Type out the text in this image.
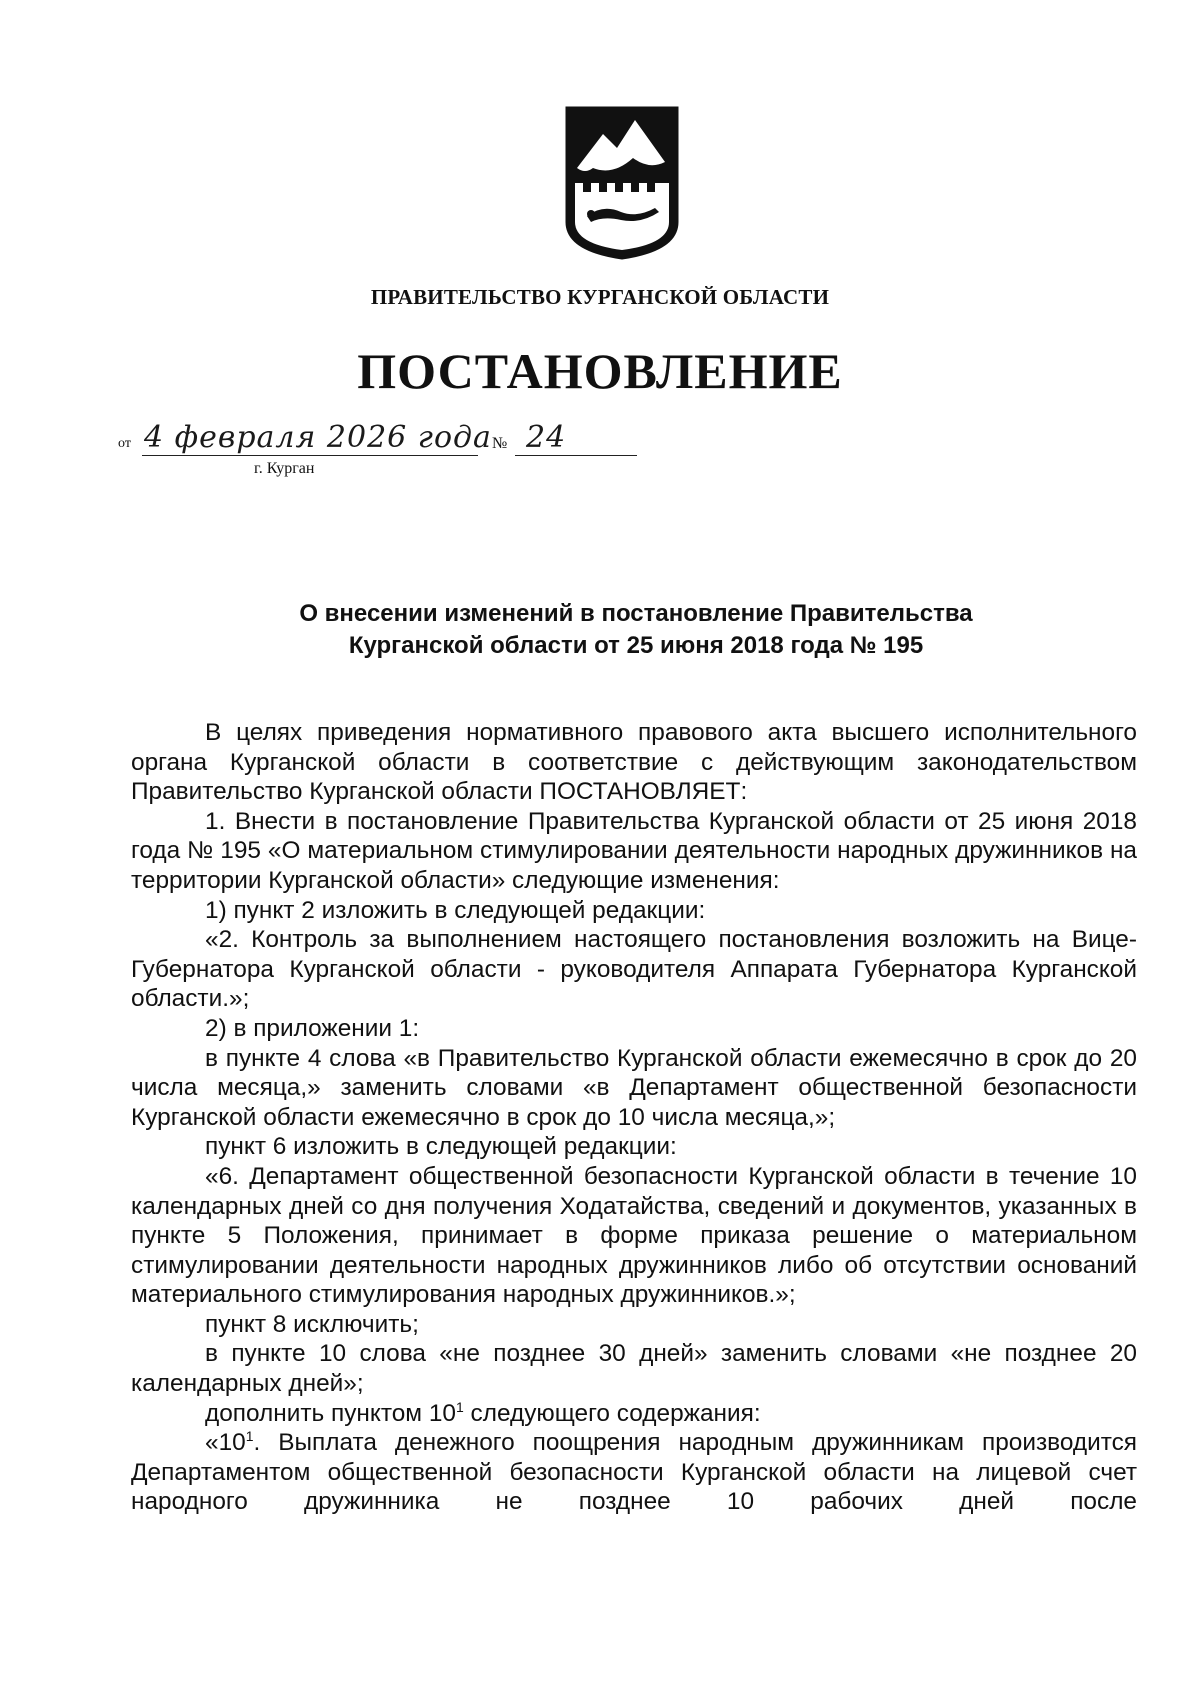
ПРАВИТЕЛЬСТВО КУРГАНСКОЙ ОБЛАСТИ
ПОСТАНОВЛЕНИЕ
от 4 февраля 2026 года № 24
г. Курган
О внесении изменений в постановление Правительства
Курганской области от 25 июня 2018 года № 195

В целях приведения нормативного правового акта высшего исполнительного органа Курганской области в соответствие с действующим законодательством Правительство Курганской области ПОСТАНОВЛЯЕТ:

1. Внести в постановление Правительства Курганской области от 25 июня 2018 года № 195 «О материальном стимулировании деятельности народных дружинников на территории Курганской области» следующие изменения:

1) пункт 2 изложить в следующей редакции:

«2. Контроль за выполнением настоящего постановления возложить на Вице-Губернатора Курганской области - руководителя Аппарата Губернатора Курганской области.»;

2) в приложении 1:

в пункте 4 слова «в Правительство Курганской области ежемесячно в срок до 20 числа месяца,» заменить словами «в Департамент общественной безопасности Курганской области ежемесячно в срок до 10 числа месяца,»;

пункт 6 изложить в следующей редакции:

«6. Департамент общественной безопасности Курганской области в течение 10 календарных дней со дня получения Ходатайства, сведений и документов, указанных в пункте 5 Положения, принимает в форме приказа решение о материальном стимулировании деятельности народных дружинников либо об отсутствии оснований материального стимулирования народных дружинников.»;

пункт 8 исключить;

в пункте 10 слова «не позднее 30 дней» заменить словами «не позднее 20 календарных дней»;

дополнить пунктом $10^1$ следующего содержания:

«$10^1$. Выплата денежного поощрения народным дружинникам производится Департаментом общественной безопасности Курганской области на лицевой счет народного дружинника не позднее 10 рабочих дней после
